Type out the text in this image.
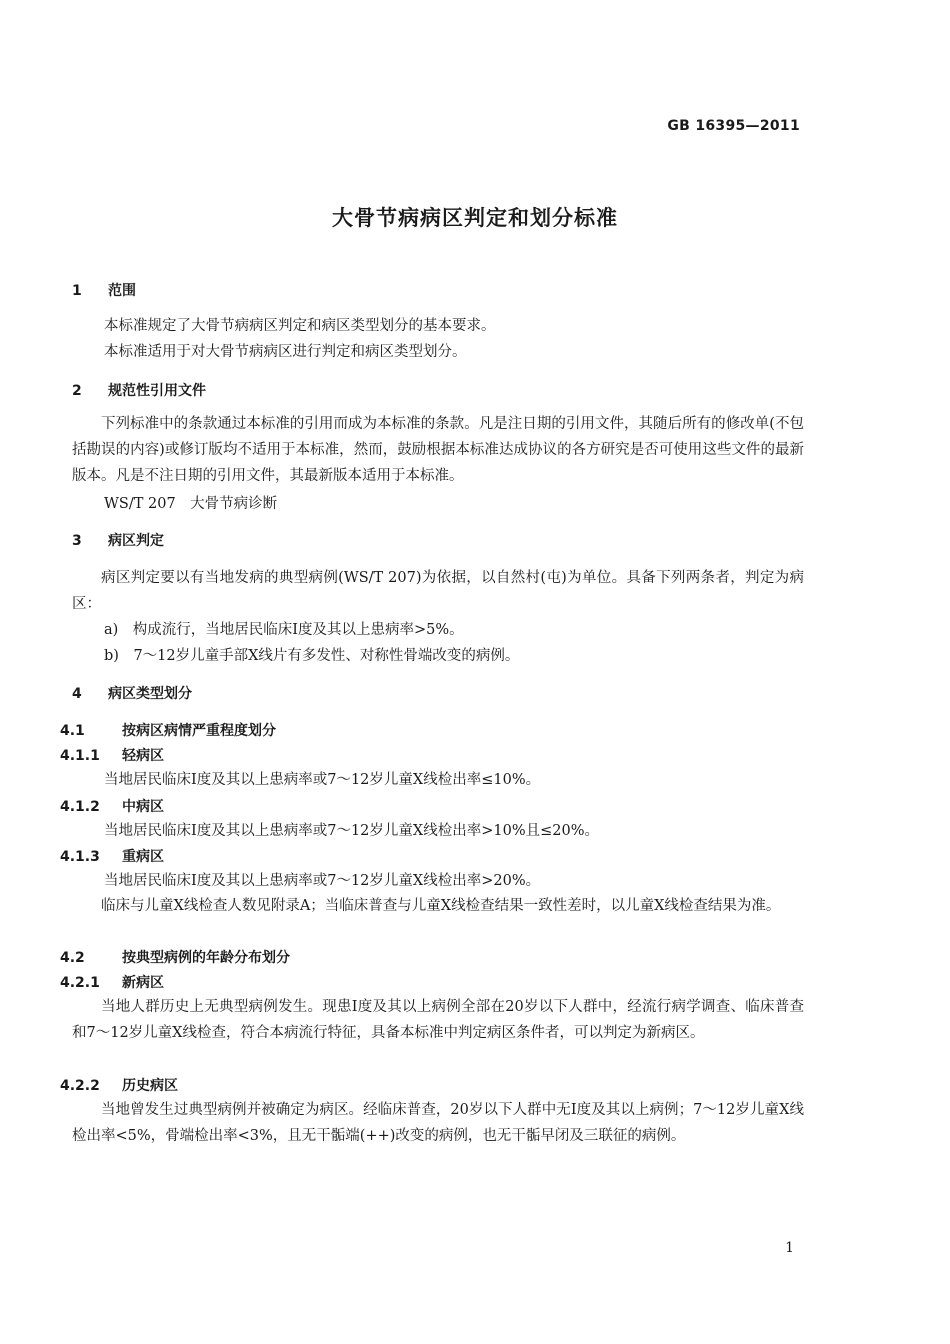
GB 16395—2011
大骨节病病区判定和划分标准
1 范围
本标准规定了大骨节病病区判定和病区类型划分的基本要求。
本标准适用于对大骨节病病区进行判定和病区类型划分。
2 规范性引用文件
下列标准中的条款通过本标准的引用而成为本标准的条款。凡是注日期的引用文件，其随后所有的修改单(不包括勘误的内容)或修订版均不适用于本标准，然而，鼓励根据本标准达成协议的各方研究是否可使用这些文件的最新版本。凡是不注日期的引用文件，其最新版本适用于本标准。
WS/T 207　大骨节病诊断
3 病区判定
病区判定要以有当地发病的典型病例(WS/T 207)为依据，以自然村(屯)为单位。具备下列两条者，判定为病区：
a)　构成流行，当地居民临床Ⅰ度及其以上患病率>5%。
b)　7～12岁儿童手部X线片有多发性、对称性骨端改变的病例。
4 病区类型划分
4.1	按病区病情严重程度划分
4.1.1 轻病区
当地居民临床Ⅰ度及其以上患病率或7～12岁儿童X线检出率≤10%。
4.1.2 中病区
当地居民临床Ⅰ度及其以上患病率或7～12岁儿童X线检出率>10%且≤20%。
4.1.3 重病区
当地居民临床Ⅰ度及其以上患病率或7～12岁儿童X线检出率>20%。
临床与儿童X线检查人数见附录A；当临床普查与儿童X线检查结果一致性差时，以儿童X线检查结果为准。
4.2	按典型病例的年龄分布划分
4.2.1 新病区
当地人群历史上无典型病例发生。现患Ⅰ度及其以上病例全部在20岁以下人群中，经流行病学调查、临床普查和7～12岁儿童X线检查，符合本病流行特征，具备本标准中判定病区条件者，可以判定为新病区。
4.2.2 历史病区
当地曾发生过典型病例并被确定为病区。经临床普查，20岁以下人群中无Ⅰ度及其以上病例；7～12岁儿童X线检出率<5%，骨端检出率<3%，且无干骺端(++)改变的病例，也无干骺早闭及三联征的病例。
1
